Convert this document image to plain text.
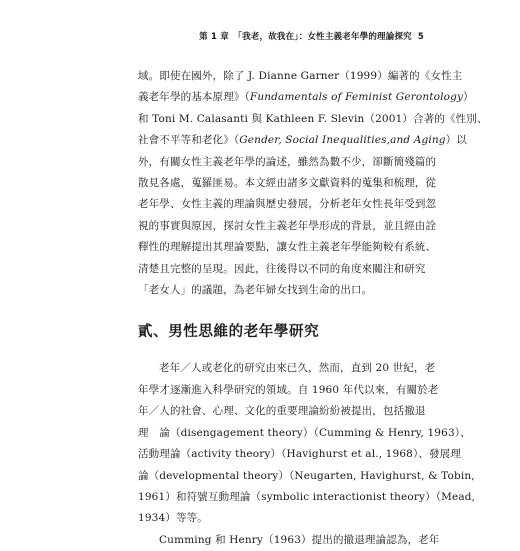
第 1 章　「我老，故我在」：女性主義老年學的理論探究 5

域。即使在國外，除了 J. Dianne Garner（1999）編著的《女性主

義老年學的基本原理》（Fundamentals of Feminist Gerontology）

和 Toni M. Calasanti 與 Kathleen F. Slevin（2001）合著的《性別、

社會不平等和老化》（Gender, Social Inequalities,and Aging）以

外，有關女性主義老年學的論述，雖然為數不少，卻斷簡殘篇的

散見各處，蒐羅匪易。本文經由諸多文獻資料的蒐集和梳理，從

老年學、女性主義的理論與歷史發展，分析老年女性長年受到忽

視的事實與原因，探討女性主義老年學形成的背景，並且經由詮

釋性的理解提出其理論要點，讓女性主義老年學能夠較有系統、

清楚且完整的呈現。因此，往後得以不同的角度來關注和研究

「老女人」的議題，為老年婦女找到生命的出口。

貳、男性思維的老年學研究

老年／人或老化的研究由來已久，然而，直到 20 世紀，老

年學才逐漸進入科學研究的領域。自 1960 年代以來，有關於老

年／人的社會、心理、文化的重要理論紛紛被提出，包括撤退

理　論（disengagement theory）（Cumming & Henry, 1963）、

活動理論（activity theory）（Havighurst et al., 1968）、發展理

論（developmental theory）（Neugarten, Havighurst, & Tobin,

1961）和符號互動理論（symbolic interactionist theory）（Mead,

1934）等等。

Cumming 和 Henry（1963）提出的撤退理論認為，老年
